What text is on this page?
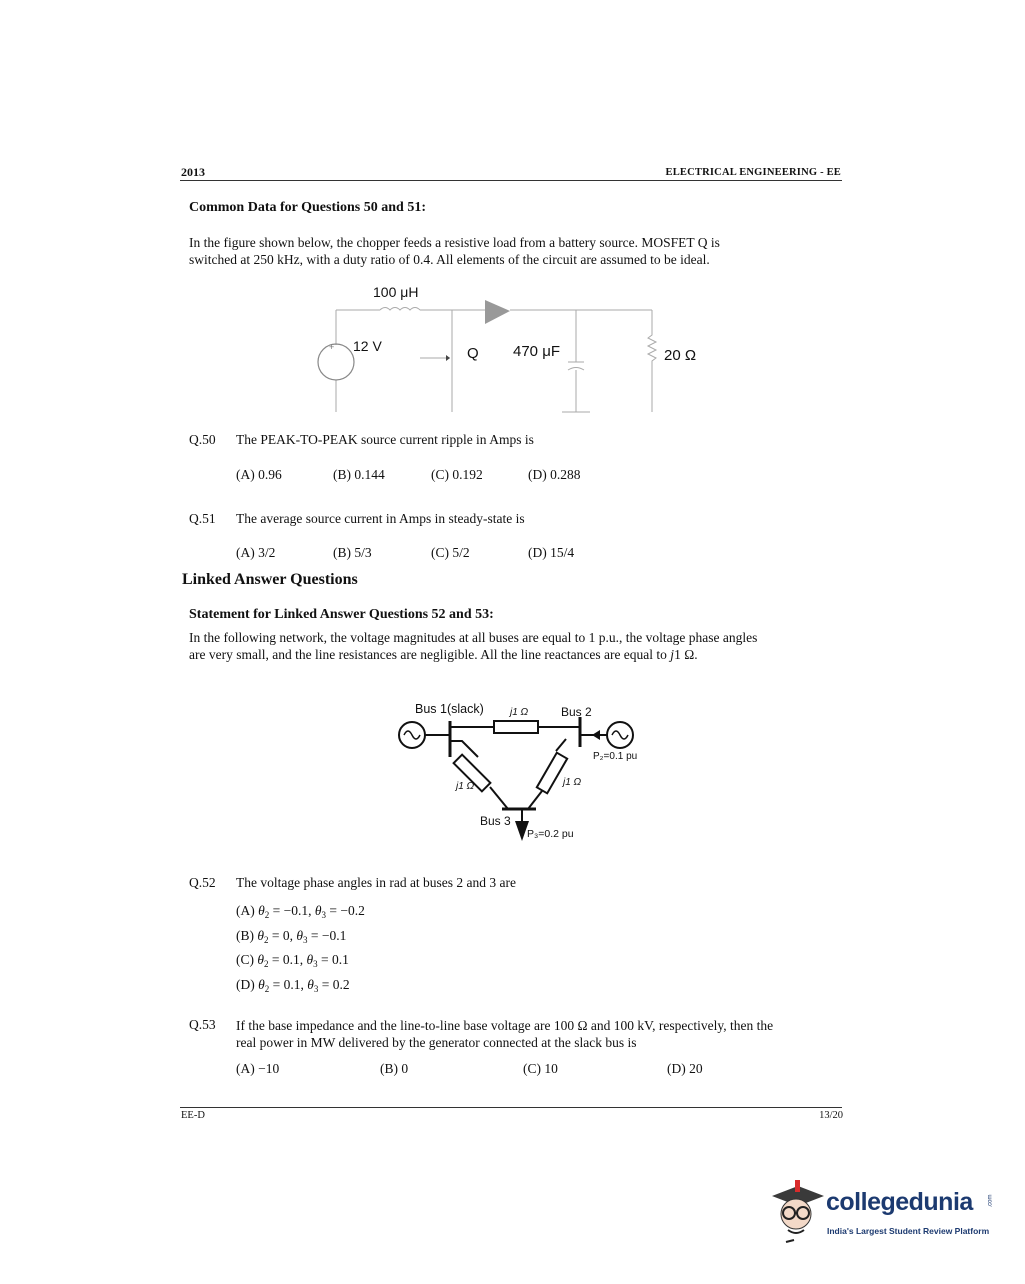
2013	ELECTRICAL ENGINEERING - EE
Common Data for Questions 50 and 51:
In the figure shown below, the chopper feeds a resistive load from a battery source. MOSFET Q is
switched at 250 kHz, with a duty ratio of 0.4. All elements of the circuit are assumed to be ideal.
100 μH
12 V
+	Q 470 μF	20 Ω
Q.50 The PEAK-TO-PEAK source current ripple in Amps is
(A) 0.96	(B) 0.144	(C) 0.192	(D) 0.288
Q.51 The average source current in Amps in steady-state is
(A) 3/2	(B) 5/3	(C) 5/2	(D) 15/4
Linked Answer Questions
Statement for Linked Answer Questions 52 and 53:
In the following network, the voltage magnitudes at all buses are equal to 1 p.u., the voltage phase angles
are very small, and the line resistances are negligible. All the line reactances are equal to j1 Ω.
Bus 1(slack)	j1 Ω	Bus 2
P₂=0.1 pu
j1 Ω	j1 Ω
Bus 3
P₃=0.2 pu
Q.52 The voltage phase angles in rad at buses 2 and 3 are
(A) $\theta_2 = -0.1$, $\theta_3 = -0.2$
(B) $\theta_2 = 0$, $\theta_3 = -0.1$
(C) $\theta_2 = 0.1$, $\theta_3 = 0.1$
(D) $\theta_2 = 0.1$, $\theta_3 = 0.2$
Q.53 If the base impedance and the line-to-line base voltage are 100 Ω and 100 kV, respectively, then the
real power in MW delivered by the generator connected at the slack bus is
(A) −10	(B) 0	(C) 10	(D) 20
EE-D	13/20
collegedunia .com
India's Largest Student Review Platform
